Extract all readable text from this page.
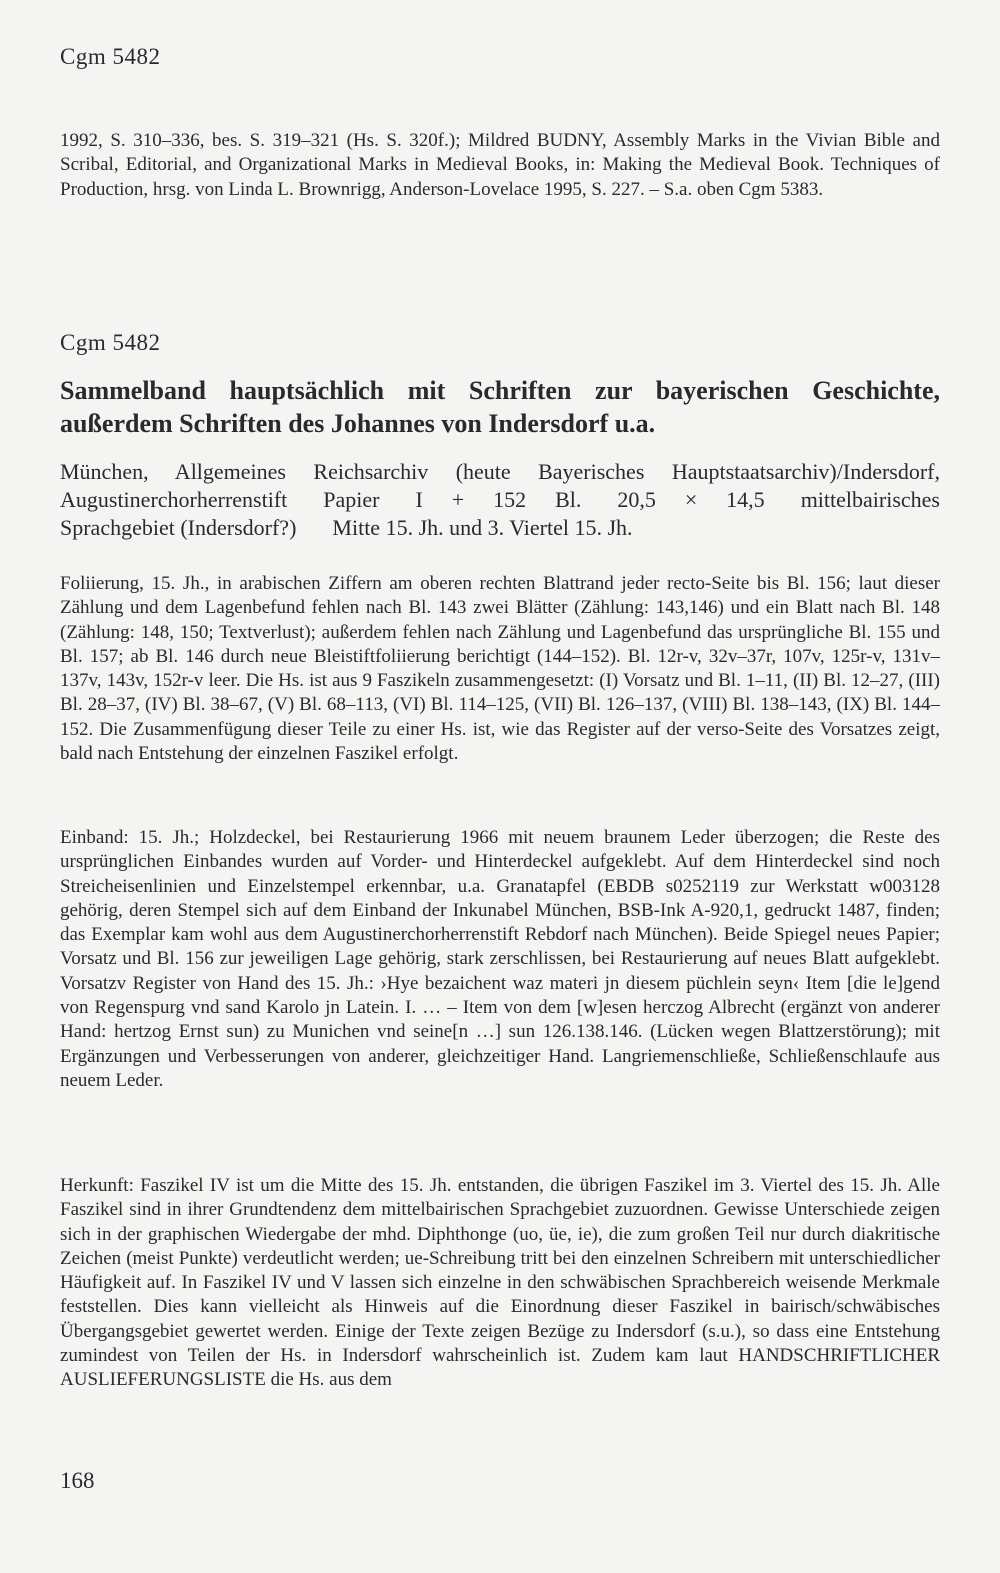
Cgm 5482

1992, S. 310–336, bes. S. 319–321 (Hs. S. 320f.); Mildred BUDNY, Assembly Marks in the Vivian Bible and Scribal, Editorial, and Organizational Marks in Medieval Books, in: Making the Medieval Book. Techniques of Production, hrsg. von Linda L. Brownrigg, Anderson-Lovelace 1995, S. 227. – S.a. oben Cgm 5383.

Cgm 5482

Sammelband hauptsächlich mit Schriften zur bayerischen Geschichte, außerdem Schriften des Johannes von Indersdorf u.a.

München, Allgemeines Reichsarchiv (heute Bayerisches Hauptstaatsarchiv)/Indersdorf, Augustinerchorherrenstift Papier I + 152 Bl. 20,5 × 14,5 mittelbairisches Sprachgebiet (Indersdorf?) Mitte 15. Jh. und 3. Viertel 15. Jh.

Foliierung, 15. Jh., in arabischen Ziffern am oberen rechten Blattrand jeder recto-Seite bis Bl. 156; laut dieser Zählung und dem Lagenbefund fehlen nach Bl. 143 zwei Blätter (Zählung: 143,146) und ein Blatt nach Bl. 148 (Zählung: 148, 150; Textverlust); außerdem fehlen nach Zählung und Lagenbefund das ursprüngliche Bl. 155 und Bl. 157; ab Bl. 146 durch neue Bleistiftfoliierung berichtigt (144–152). Bl. 12r-v, 32v–37r, 107v, 125r-v, 131v–137v, 143v, 152r-v leer. Die Hs. ist aus 9 Faszikeln zusammengesetzt: (I) Vorsatz und Bl. 1–11, (II) Bl. 12–27, (III) Bl. 28–37, (IV) Bl. 38–67, (V) Bl. 68–113, (VI) Bl. 114–125, (VII) Bl. 126–137, (VIII) Bl. 138–143, (IX) Bl. 144–152. Die Zusammenfügung dieser Teile zu einer Hs. ist, wie das Register auf der verso-Seite des Vorsatzes zeigt, bald nach Entstehung der einzelnen Faszikel erfolgt.

Einband: 15. Jh.; Holzdeckel, bei Restaurierung 1966 mit neuem braunem Leder überzogen; die Reste des ursprünglichen Einbandes wurden auf Vorder- und Hinterdeckel aufgeklebt. Auf dem Hinterdeckel sind noch Streicheisenlinien und Einzelstempel erkennbar, u.a. Granatapfel (EBDB s0252119 zur Werkstatt w003128 gehörig, deren Stempel sich auf dem Einband der Inkunabel München, BSB-Ink A-920,1, gedruckt 1487, finden; das Exemplar kam wohl aus dem Augustinerchorherrenstift Rebdorf nach München). Beide Spiegel neues Papier; Vorsatz und Bl. 156 zur jeweiligen Lage gehörig, stark zerschlissen, bei Restaurierung auf neues Blatt aufgeklebt. Vorsatzv Register von Hand des 15. Jh.: ›Hye bezaichent waz materi jn diesem püchlein seyn‹ Item [die le]gend von Regenspurg vnd sand Karolo jn Latein. I. … – Item von dem [w]esen herczog Albrecht (ergänzt von anderer Hand: hertzog Ernst sun) zu Munichen vnd seine[n …] sun 126.138.146. (Lücken wegen Blattzerstörung); mit Ergänzungen und Verbesserungen von anderer, gleichzeitiger Hand. Langriemenschließe, Schließenschlaufe aus neuem Leder.

Herkunft: Faszikel IV ist um die Mitte des 15. Jh. entstanden, die übrigen Faszikel im 3. Viertel des 15. Jh. Alle Faszikel sind in ihrer Grundtendenz dem mittelbairischen Sprachgebiet zuzuordnen. Gewisse Unterschiede zeigen sich in der graphischen Wiedergabe der mhd. Diphthonge (uo, üe, ie), die zum großen Teil nur durch diakritische Zeichen (meist Punkte) verdeutlicht werden; ue-Schreibung tritt bei den einzelnen Schreibern mit unterschiedlicher Häufigkeit auf. In Faszikel IV und V lassen sich einzelne in den schwäbischen Sprachbereich weisende Merkmale feststellen. Dies kann vielleicht als Hinweis auf die Einordnung dieser Faszikel in bairisch/schwäbisches Übergangsgebiet gewertet werden. Einige der Texte zeigen Bezüge zu Indersdorf (s.u.), so dass eine Entstehung zumindest von Teilen der Hs. in Indersdorf wahrscheinlich ist. Zudem kam laut HANDSCHRIFTLICHER AUSLIEFERUNGSLISTE die Hs. aus dem

168
